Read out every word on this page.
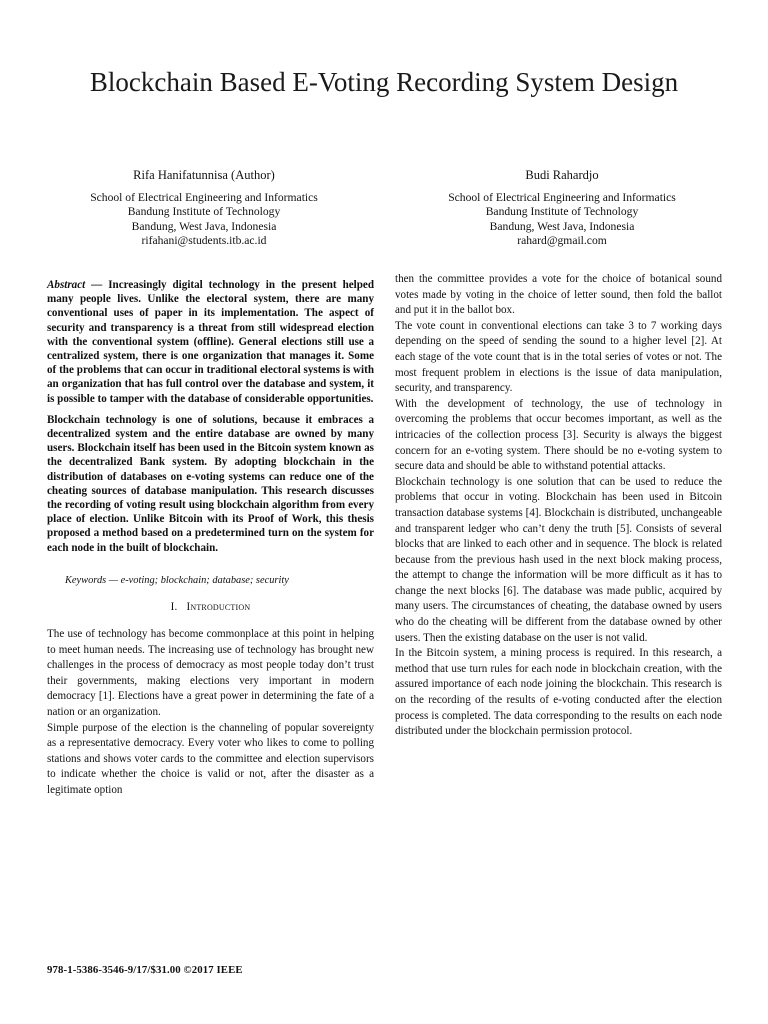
Blockchain Based E-Voting Recording System Design
Rifa Hanifatunnisa (Author)
School of Electrical Engineering and Informatics
Bandung Institute of Technology
Bandung, West Java, Indonesia
rifahani@students.itb.ac.id
Budi Rahardjo
School of Electrical Engineering and Informatics
Bandung Institute of Technology
Bandung, West Java, Indonesia
rahard@gmail.com

Abstract — Increasingly digital technology in the present helped many people lives. Unlike the electoral system, there are many conventional uses of paper in its implementation. The aspect of security and transparency is a threat from still widespread election with the conventional system (offline). General elections still use a centralized system, there is one organization that manages it. Some of the problems that can occur in traditional electoral systems is with an organization that has full control over the database and system, it is possible to tamper with the database of considerable opportunities.

Blockchain technology is one of solutions, because it embraces a decentralized system and the entire database are owned by many users. Blockchain itself has been used in the Bitcoin system known as the decentralized Bank system. By adopting blockchain in the distribution of databases on e-voting systems can reduce one of the cheating sources of database manipulation. This research discusses the recording of voting result using blockchain algorithm from every place of election. Unlike Bitcoin with its Proof of Work, this thesis proposed a method based on a predetermined turn on the system for each node in the built of blockchain.

Keywords — e-voting; blockchain; database; security

I. Introduction

The use of technology has become commonplace at this point in helping to meet human needs. The increasing use of technology has brought new challenges in the process of democracy as most people today don’t trust their governments, making elections very important in modern democracy [1]. Elections have a great power in determining the fate of a nation or an organization.

Simple purpose of the election is the channeling of popular sovereignty as a representative democracy. Every voter who likes to come to polling stations and shows voter cards to the committee and election supervisors to indicate whether the choice is valid or not, after the disaster as a legitimate option

then the committee provides a vote for the choice of botanical sound votes made by voting in the choice of letter sound, then fold the ballot and put it in the ballot box.

The vote count in conventional elections can take 3 to 7 working days depending on the speed of sending the sound to a higher level [2]. At each stage of the vote count that is in the total series of votes or not. The most frequent problem in elections is the issue of data manipulation, security, and transparency.

With the development of technology, the use of technology in overcoming the problems that occur becomes important, as well as the intricacies of the collection process [3]. Security is always the biggest concern for an e-voting system. There should be no e-voting system to secure data and should be able to withstand potential attacks.

Blockchain technology is one solution that can be used to reduce the problems that occur in voting. Blockchain has been used in Bitcoin transaction database systems [4]. Blockchain is distributed, unchangeable and transparent ledger who can’t deny the truth [5]. Consists of several blocks that are linked to each other and in sequence. The block is related because from the previous hash used in the next block making process, the attempt to change the information will be more difficult as it has to change the next blocks [6]. The database was made public, acquired by many users. The circumstances of cheating, the database owned by users who do the cheating will be different from the database owned by other users. Then the existing database on the user is not valid.

In the Bitcoin system, a mining process is required. In this research, a method that use turn rules for each node in blockchain creation, with the assured importance of each node joining the blockchain. This research is on the recording of the results of e-voting conducted after the election process is completed. The data corresponding to the results on each node distributed under the blockchain permission protocol.

978-1-5386-3546-9/17/$31.00 ©2017 IEEE
